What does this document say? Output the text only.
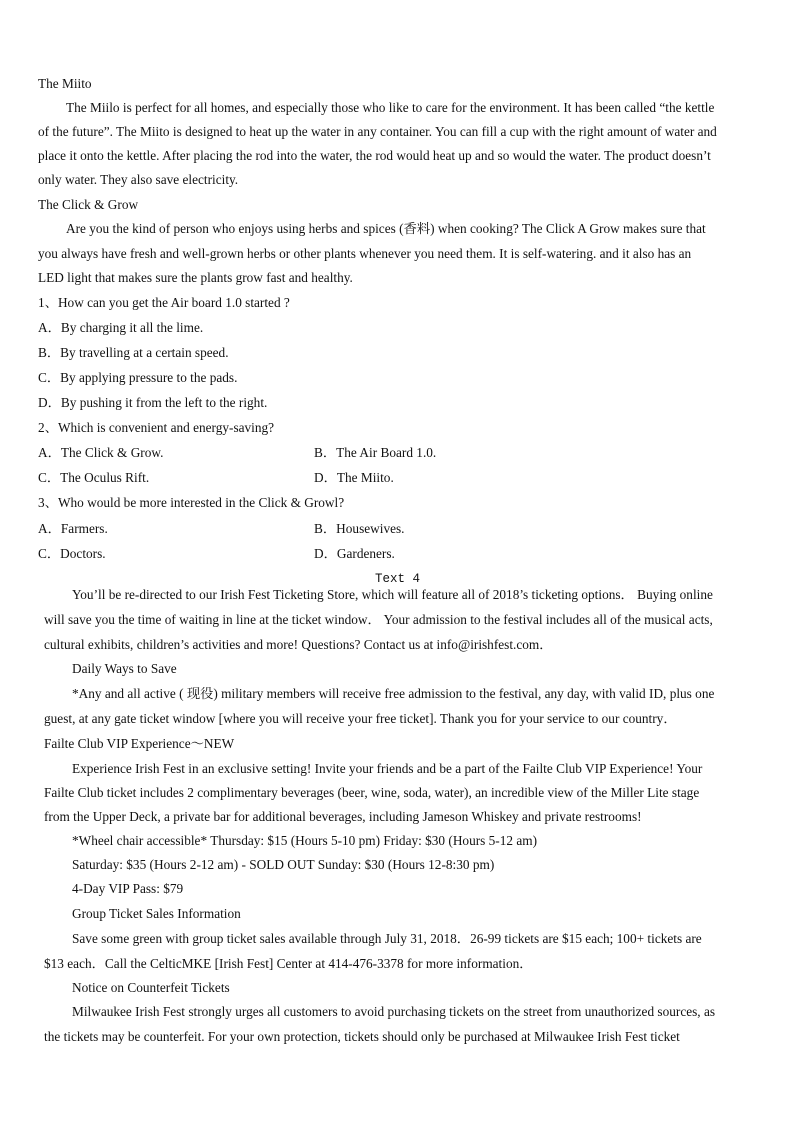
The Miito
The Miilo is perfect for all homes, and especially those who like to care for the environment. It has been called “the kettle
of the future”. The Miito is designed to heat up the water in any container. You can fill a cup with the right amount of water and
place it onto the kettle. After placing the rod into the water, the rod would heat up and so would the water. The product doesn’t
only water. They also save electricity.
The Click & Grow
Are you the kind of person who enjoys using herbs and spices (香料) when cooking? The Click A Grow makes sure that
you always have fresh and well-grown herbs or other plants whenever you need them. It is self-watering. and it also has an
LED light that makes sure the plants grow fast and healthy.
1、How can you get the Air board 1.0 started ?
A．By charging it all the lime.
B．By travelling at a certain speed.
C．By applying pressure to the pads.
D．By pushing it from the left to the right.
2、Which is convenient and energy-saving?
A．The Click & Grow.	B．The Air Board 1.0.
C．The Oculus Rift.	D．The Miito.
3、Who would be more interested in the Click & Growl?
A．Farmers.	B．Housewives.
C．Doctors.	D．Gardeners.
Text 4
You’ll be re-directed to our Irish Fest Ticketing Store, which will feature all of 2018’s ticketing options． Buying online
will save you the time of waiting in line at the ticket window． Your admission to the festival includes all of the musical acts,
cultural exhibits, children’s activities and more! Questions? Contact us at info@irishfest.com．
Daily Ways to Save
*Any and all active ( 现役) military members will receive free admission to the festival, any day, with valid ID, plus one
guest, at any gate ticket window [where you will receive your free ticket]. Thank you for your service to our country．
Failte Club VIP Experience～NEW
Experience Irish Fest in an exclusive setting! Invite your friends and be a part of the Failte Club VIP Experience! Your
Failte Club ticket includes 2 complimentary beverages (beer, wine, soda, water), an incredible view of the Miller Lite stage
from the Upper Deck, a private bar for additional beverages, including Jameson Whiskey and private restrooms!
*Wheel chair accessible* Thursday: $15 (Hours 5-10 pm) Friday: $30 (Hours 5-12 am)
Saturday: $35 (Hours 2-12 am) - SOLD OUT Sunday: $30 (Hours 12-8:30 pm)
4-Day VIP Pass: $79
Group Ticket Sales Information
Save some green with group ticket sales available through July 31, 2018．26-99 tickets are $15 each; 100+ tickets are
$13 each．Call the CelticMKE [Irish Fest] Center at 414-476-3378 for more information．
Notice on Counterfeit Tickets
Milwaukee Irish Fest strongly urges all customers to avoid purchasing tickets on the street from unauthorized sources, as
the tickets may be counterfeit. For your own protection, tickets should only be purchased at Milwaukee Irish Fest ticket
